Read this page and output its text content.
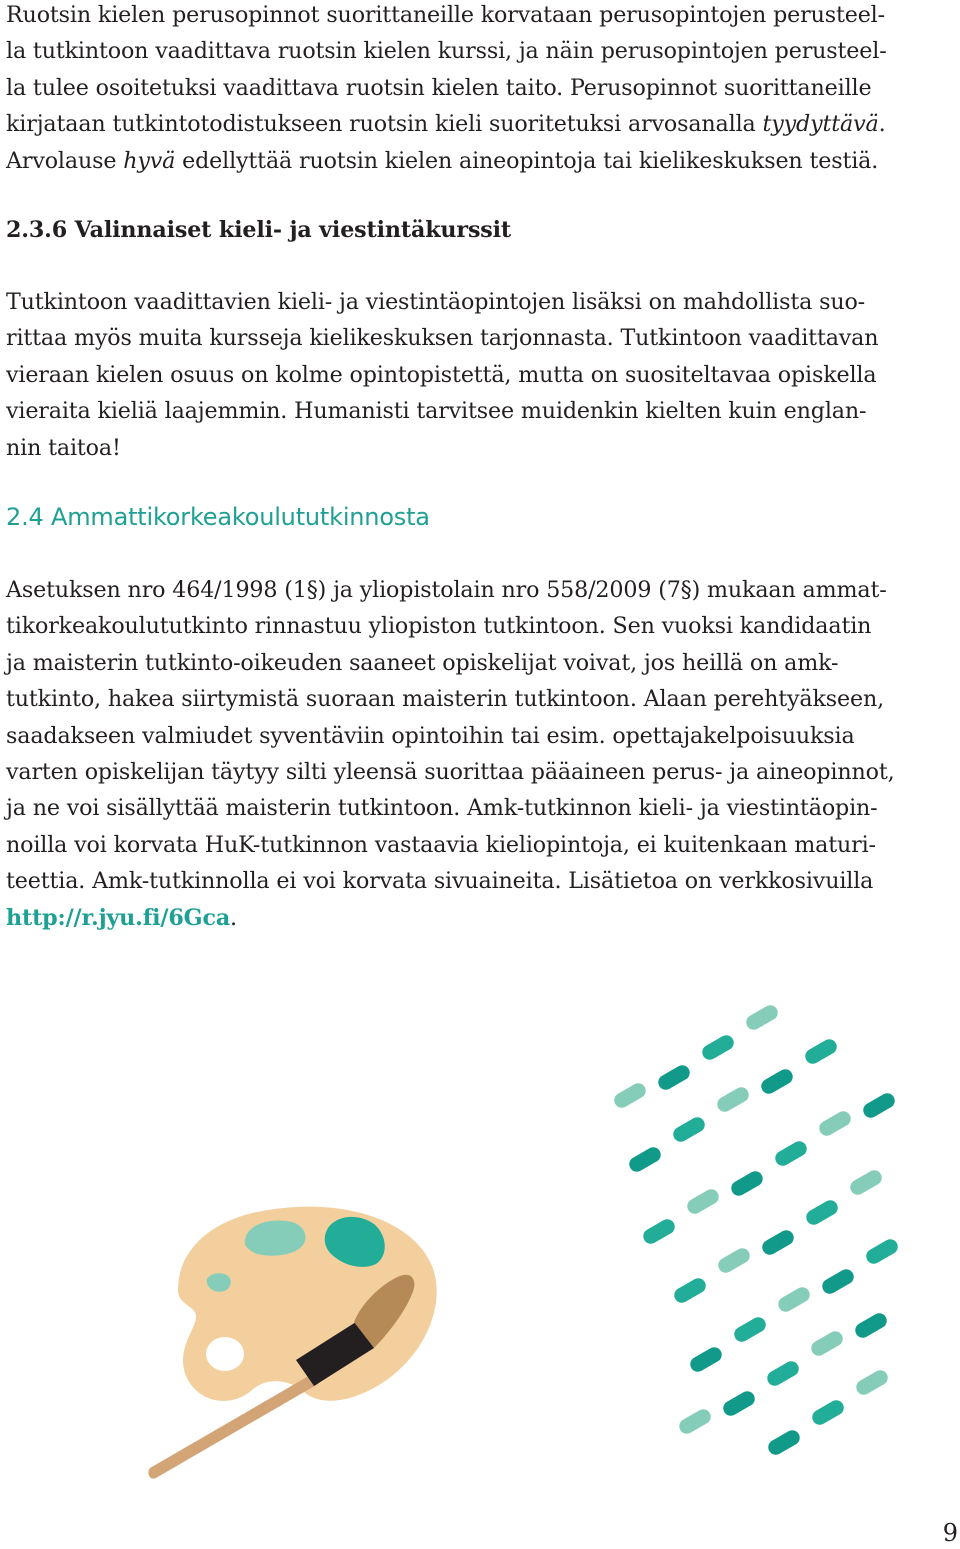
Ruotsin kielen perusopinnot suorittaneille korvataan perusopintojen perusteel-
la tutkintoon vaadittava ruotsin kielen kurssi, ja näin perusopintojen perusteel-
la tulee osoitetuksi vaadittava ruotsin kielen taito. Perusopinnot suorittaneille
kirjataan tutkintotodistukseen ruotsin kieli suoritetuksi arvosanalla tyydyttävä.
Arvolause hyvä edellyttää ruotsin kielen aineopintoja tai kielikeskuksen testiä.

2.3.6 Valinnaiset kieli- ja viestintäkurssit

Tutkintoon vaadittavien kieli- ja viestintäopintojen lisäksi on mahdollista suo-
rittaa myös muita kursseja kielikeskuksen tarjonnasta. Tutkintoon vaadittavan
vieraan kielen osuus on kolme opintopistettä, mutta on suositeltavaa opiskella
vieraita kieliä laajemmin. Humanisti tarvitsee muidenkin kielten kuin englan-
nin taitoa!

2.4 Ammattikorkeakoulututkinnosta

Asetuksen nro 464/1998 (1§) ja yliopistolain nro 558/2009 (7§) mukaan ammat-
tikorkeakoulututkinto rinnastuu yliopiston tutkintoon. Sen vuoksi kandidaatin
ja maisterin tutkinto-oikeuden saaneet opiskelijat voivat, jos heillä on amk-
tutkinto, hakea siirtymistä suoraan maisterin tutkintoon. Alaan perehtyäkseen,
saadakseen valmiudet syventäviin opintoihin tai esim. opettajakelpoisuuksia
varten opiskelijan täytyy silti yleensä suorittaa pääaineen perus- ja aineopinnot,
ja ne voi sisällyttää maisterin tutkintoon. Amk-tutkinnon kieli- ja viestintäopin-
noilla voi korvata HuK-tutkinnon vastaavia kieliopintoja, ei kuitenkaan maturi-
teettia. Amk-tutkinnolla ei voi korvata sivuaineita. Lisätietoa on verkkosivuilla
http://r.jyu.fi/6Gca.

9
